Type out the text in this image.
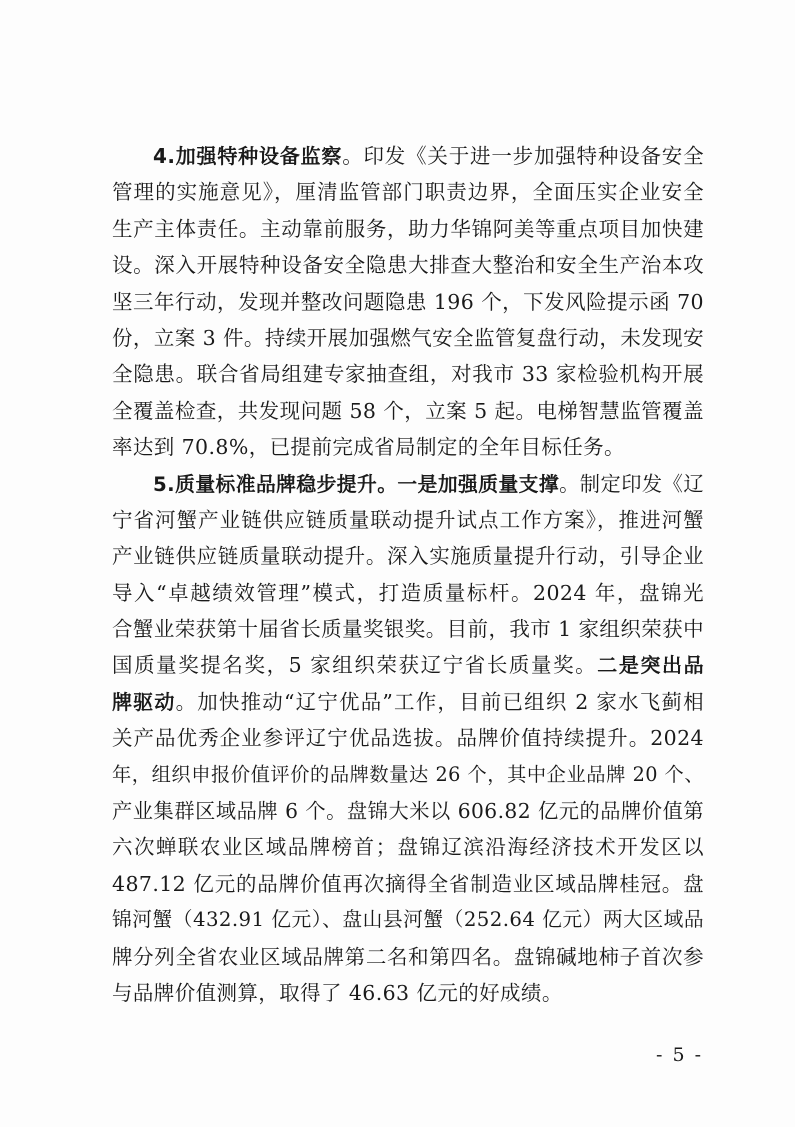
4.加强特种设备监察。印发《关于进一步加强特种设备安全
管理的实施意见》，厘清监管部门职责边界，全面压实企业安全
生产主体责任。主动靠前服务，助力华锦阿美等重点项目加快建
设。深入开展特种设备安全隐患大排查大整治和安全生产治本攻
坚三年行动，发现并整改问题隐患 196 个，下发风险提示函 70
份，立案 3 件。持续开展加强燃气安全监管复盘行动，未发现安
全隐患。联合省局组建专家抽查组，对我市 33 家检验机构开展
全覆盖检查，共发现问题 58 个，立案 5 起。电梯智慧监管覆盖
率达到 70.8%，已提前完成省局制定的全年目标任务。
5.质量标准品牌稳步提升。一是加强质量支撑。制定印发《辽
宁省河蟹产业链供应链质量联动提升试点工作方案》，推进河蟹
产业链供应链质量联动提升。深入实施质量提升行动，引导企业
导入“卓越绩效管理”模式，打造质量标杆。2024 年，盘锦光
合蟹业荣获第十届省长质量奖银奖。目前，我市 1 家组织荣获中
国质量奖提名奖，5 家组织荣获辽宁省长质量奖。二是突出品
牌驱动。加快推动“辽宁优品”工作，目前已组织 2 家水飞蓟相
关产品优秀企业参评辽宁优品选拔。品牌价值持续提升。2024
年，组织申报价值评价的品牌数量达 26 个，其中企业品牌 20 个、
产业集群区域品牌 6 个。盘锦大米以 606.82 亿元的品牌价值第
六次蝉联农业区域品牌榜首；盘锦辽滨沿海经济技术开发区以
487.12 亿元的品牌价值再次摘得全省制造业区域品牌桂冠。盘
锦河蟹（432.91 亿元）、盘山县河蟹（252.64 亿元）两大区域品
牌分列全省农业区域品牌第二名和第四名。盘锦碱地柿子首次参
与品牌价值测算，取得了 46.63 亿元的好成绩。
- 5 -
